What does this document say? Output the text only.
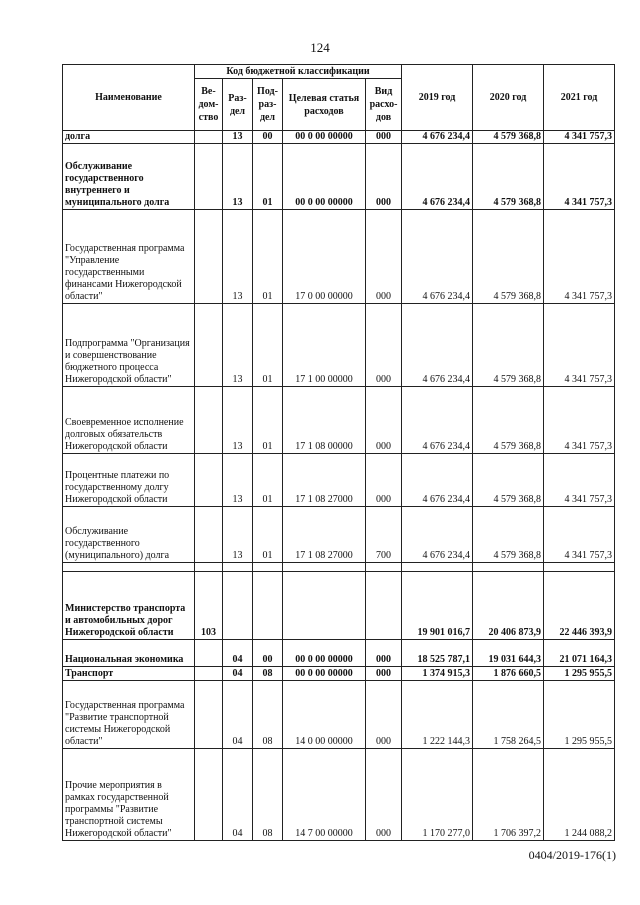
124
Наименование	Код бюджетной классификации					2019 год	2020 год	2021 год
	Ве-дом-ство	Раз-дел	Под-раз-дел	Целевая статья расходов	Вид расхо-дов			
долга		13	00	00 0 00 00000	000	4 676 234,4	4 579 368,8	4 341 757,3
Обслуживание государственного внутреннего и муниципального долга		13	01	00 0 00 00000	000	4 676 234,4	4 579 368,8	4 341 757,3
Государственная программа "Управление государственными финансами Нижегородской области"		13	01	17 0 00 00000	000	4 676 234,4	4 579 368,8	4 341 757,3
Подпрограмма "Организация и совершенствование бюджетного процесса Нижегородской области"		13	01	17 1 00 00000	000	4 676 234,4	4 579 368,8	4 341 757,3
Своевременное исполнение долговых обязательств Нижегородской области		13	01	17 1 08 00000	000	4 676 234,4	4 579 368,8	4 341 757,3
Процентные платежи по государственному долгу Нижегородской области		13	01	17 1 08 27000	000	4 676 234,4	4 579 368,8	4 341 757,3
Обслуживание государственного (муниципального) долга		13	01	17 1 08 27000	700	4 676 234,4	4 579 368,8	4 341 757,3

Министерство транспорта и автомобильных дорог Нижегородской области	103					19 901 016,7	20 406 873,9	22 446 393,9
Национальная экономика		04	00	00 0 00 00000	000	18 525 787,1	19 031 644,3	21 071 164,3
Транспорт		04	08	00 0 00 00000	000	1 374 915,3	1 876 660,5	1 295 955,5
Государственная программа "Развитие транспортной системы Нижегородской области"		04	08	14 0 00 00000	000	1 222 144,3	1 758 264,5	1 295 955,5
Прочие мероприятия в рамках государственной программы "Развитие транспортной системы Нижегородской области"		04	08	14 7 00 00000	000	1 170 277,0	1 706 397,2	1 244 088,2
0404/2019-176(1)
